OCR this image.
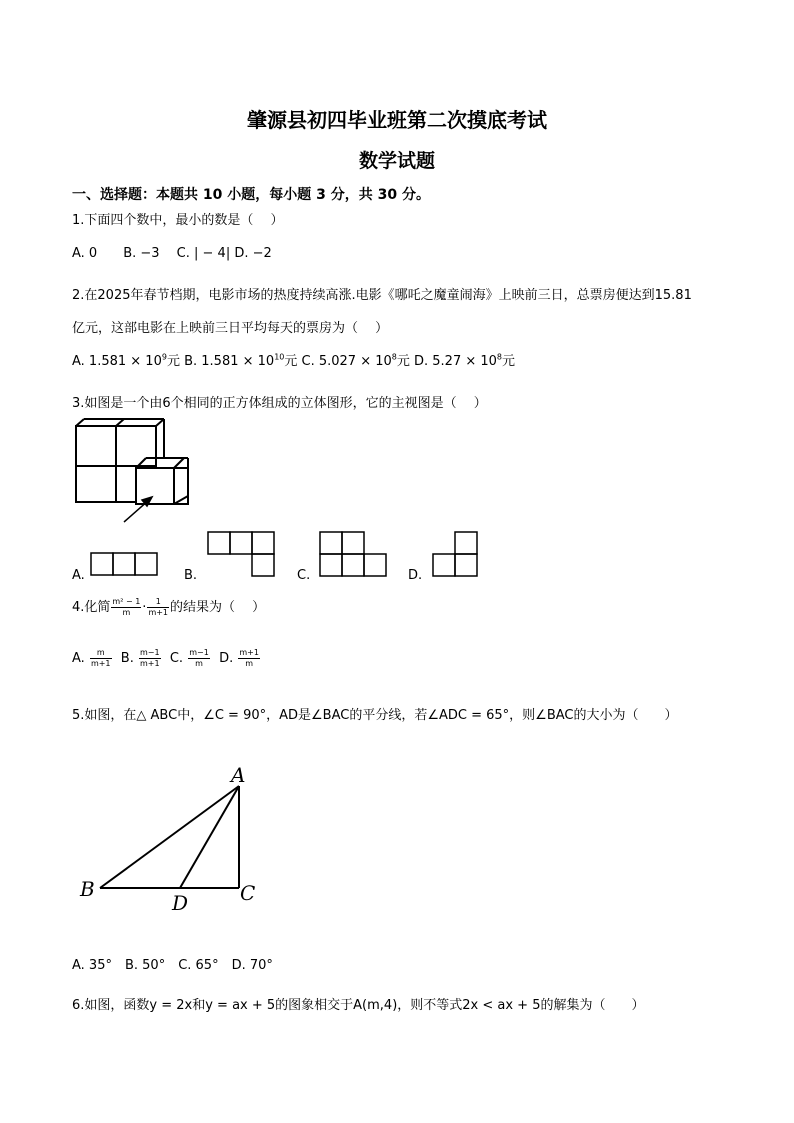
肇源县初四毕业班第二次摸底考试
数学试题
一、选择题：本题共 10 小题，每小题 3 分，共 30 分。
1.下面四个数中，最小的数是（　 ）
A. 0　　B. −3　 C. | − 4| D. −2
2.在2025年春节档期，电影市场的热度持续高涨.电影《哪吒之魔童闹海》上映前三日，总票房便达到15.81
亿元，这部电影在上映前三日平均每天的票房为（　 ）
A. $1.581 \times 10^9$元 B. $1.581 \times 10^{10}$元 C. $5.027 \times 10^8$元 D. $5.27 \times 10^8$元
3.如图是一个由6个相同的正方体组成的立体图形，它的主视图是（　 ）
A.	B.	C.	D.
4.化简 $\frac{\text{m² − 1}}{m} \cdot \frac{1}{m+1}$ 的结果为（　 ）
A. $\frac{m}{m+1} B$. $\frac{m-1}{m+1} C$. $\frac{m-1}{m} D$. $\frac{m+1}{m}$
5.如图，在△ ABC中，∠C = 90°，AD是∠BAC的平分线，若∠ADC = 65°，则∠BAC的大小为（　　）
A
B	C
D
A. 35°　B. 50°　C. 65°　D. 70°
6.如图，函数y = 2x和y = ax + 5的图象相交于A(m,4)，则不等式2x < ax + 5的解集为（　　）
